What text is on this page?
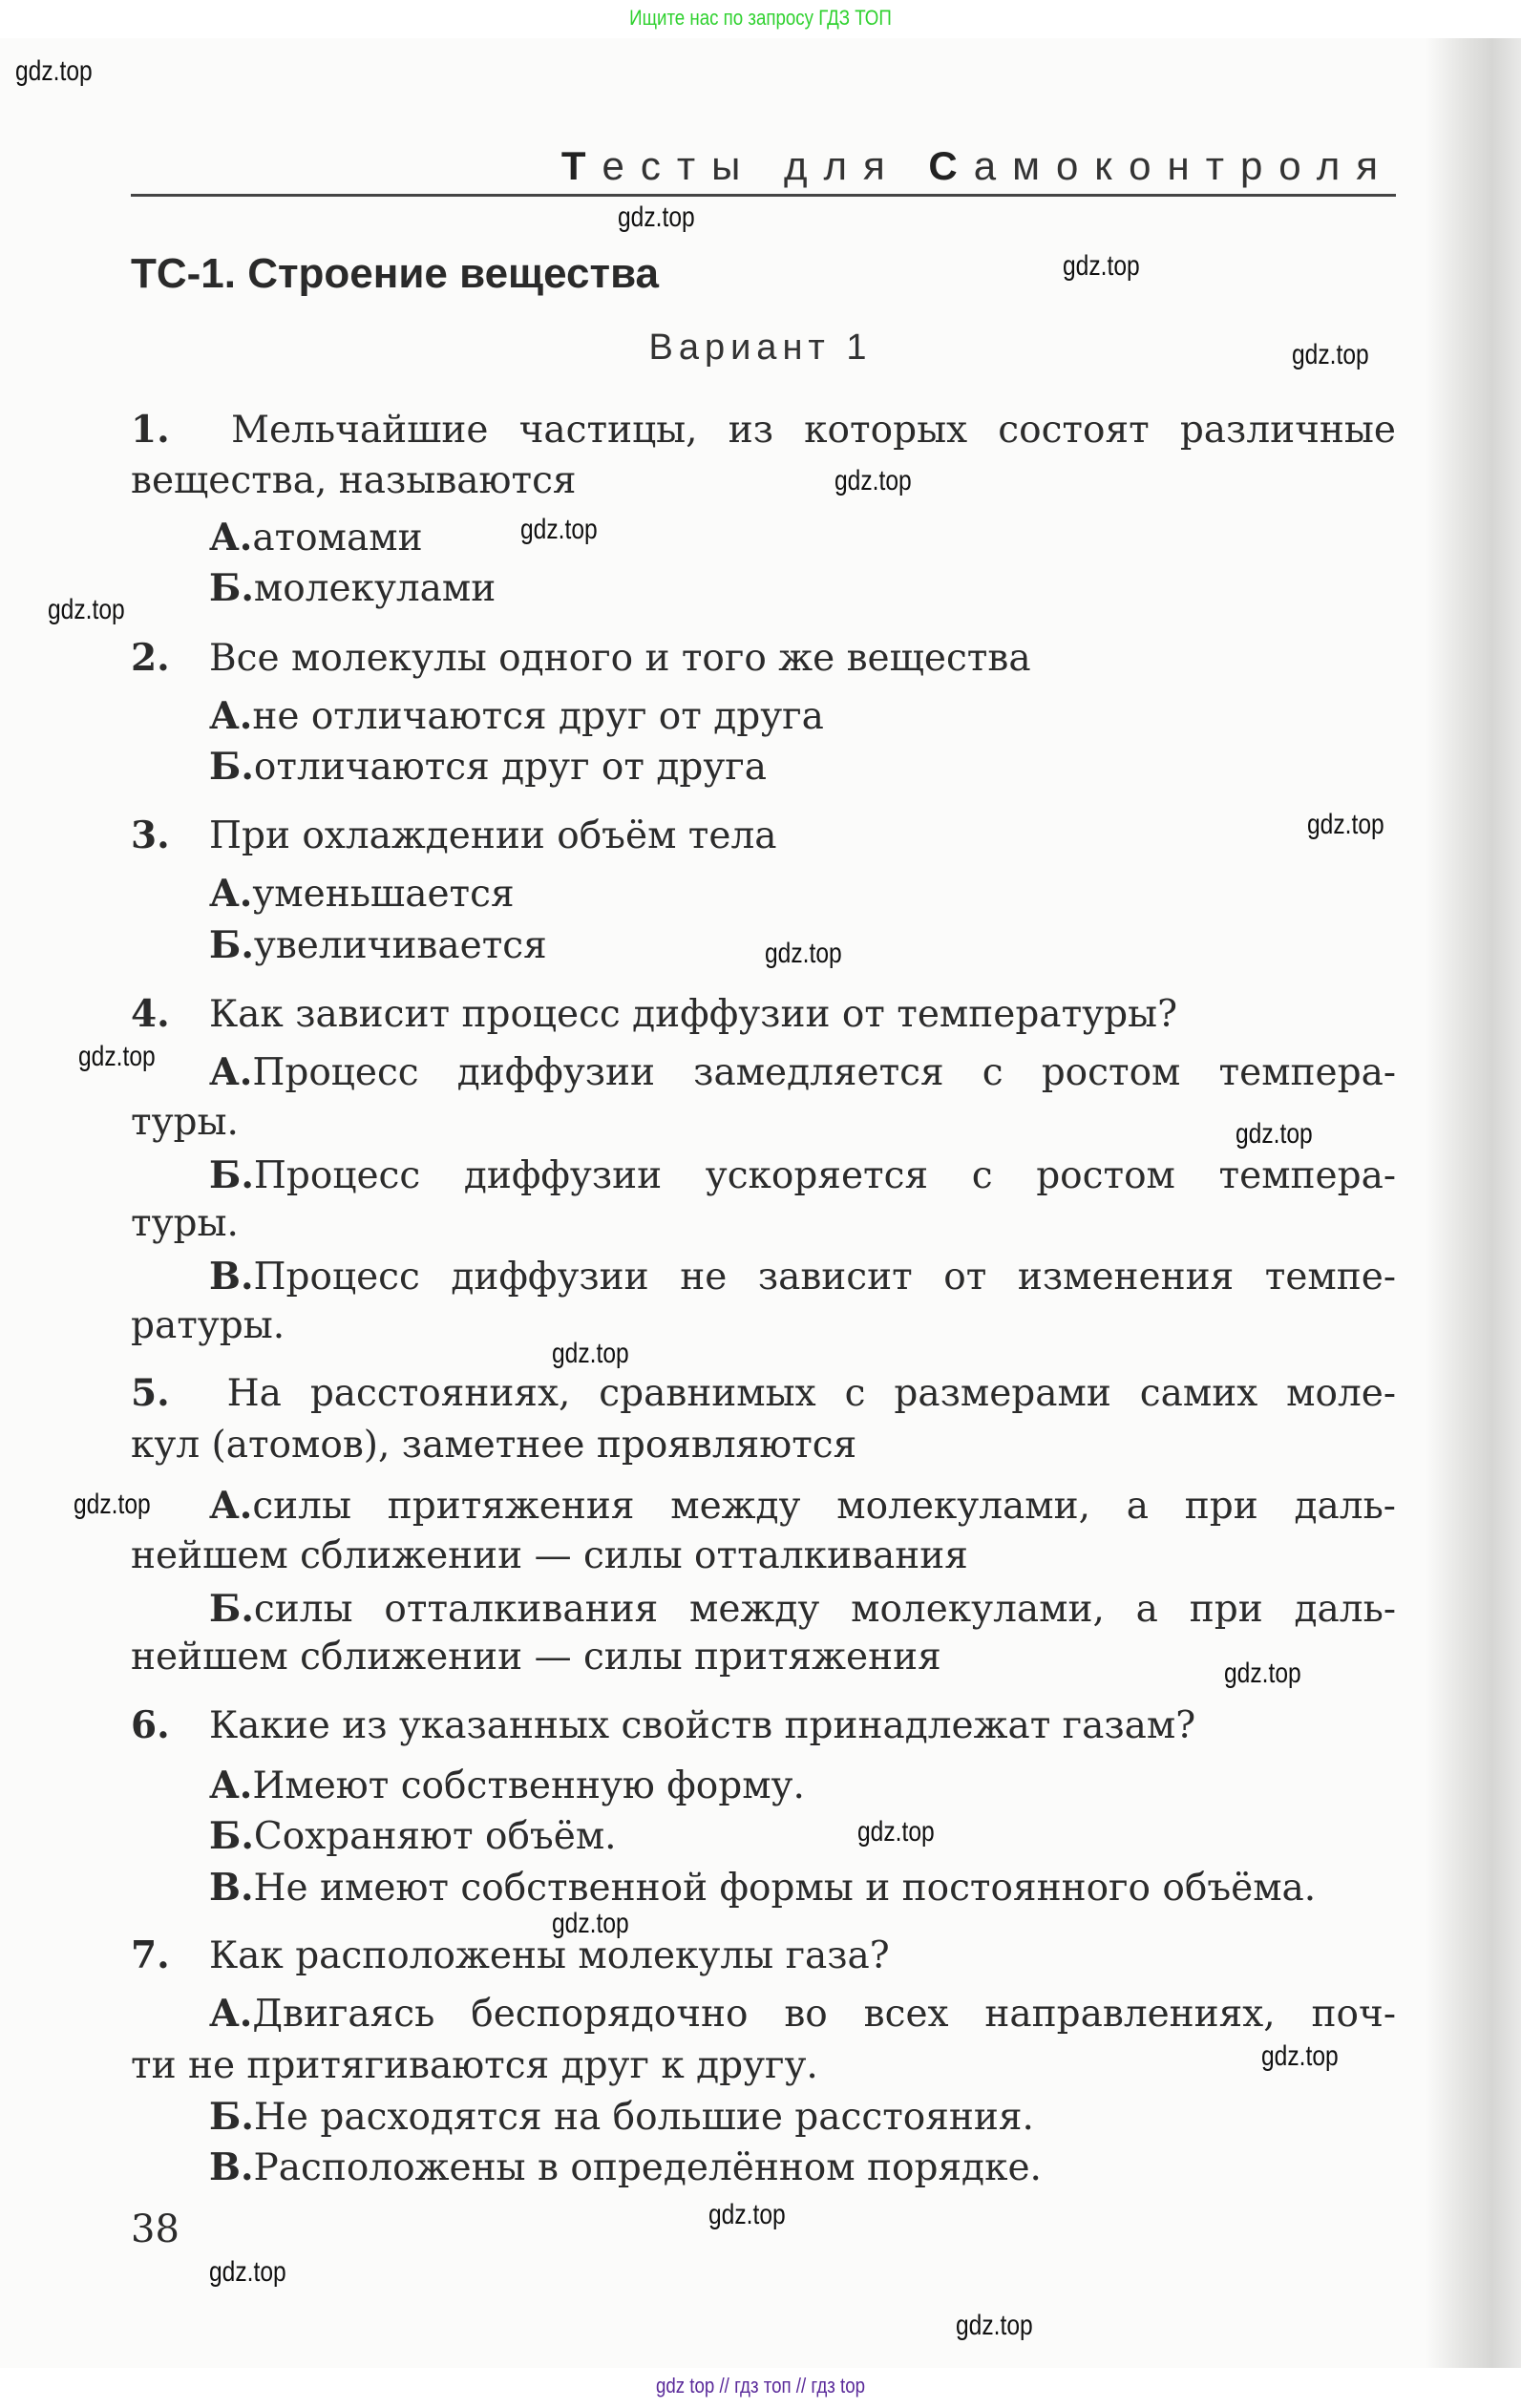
Ищите нас по запросу ГДЗ ТОП
Тесты для Самоконтроля
ТС-1. Строение вещества
Вариант 1
1. Мельчайшие частицы, из которых состоят различные
вещества, называются
А.атомами
Б.молекулами
2. Все молекулы одного и того же вещества
А.не отличаются друг от друга
Б.отличаются друг от друга
3. При охлаждении объём тела
А.уменьшается
Б.увеличивается
4. Как зависит процесс диффузии от температуры?
А.Процесс диффузии замедляется с ростом темпера-
туры.
Б.Процесс диффузии ускоряется с ростом темпера-
туры.
В.Процесс диффузии не зависит от изменения темпе-
ратуры.
5. На расстояниях, сравнимых с размерами самих моле-
кул (атомов), заметнее проявляются
А.силы притяжения между молекулами, а при даль-
нейшем сближении — силы отталкивания
Б.силы отталкивания между молекулами, а при даль-
нейшем сближении — силы притяжения
6. Какие из указанных свойств принадлежат газам?
А.Имеют собственную форму.
Б.Сохраняют объём.
В.Не имеют собственной формы и постоянного объёма.
7. Как расположены молекулы газа?
А.Двигаясь беспорядочно во всех направлениях, поч-
ти не притягиваются друг к другу.
Б.Не расходятся на большие расстояния.
В.Расположены в определённом порядке.
38
gdz.top
gdz.top
gdz.top
gdz.top
gdz.top
gdz.top
gdz.top
gdz.top
gdz.top
gdz.top
gdz.top
gdz.top
gdz.top
gdz.top
gdz.top
gdz.top
gdz.top
gdz.top
gdz.top
gdz.top
gdz top // гдз топ // гдз top
